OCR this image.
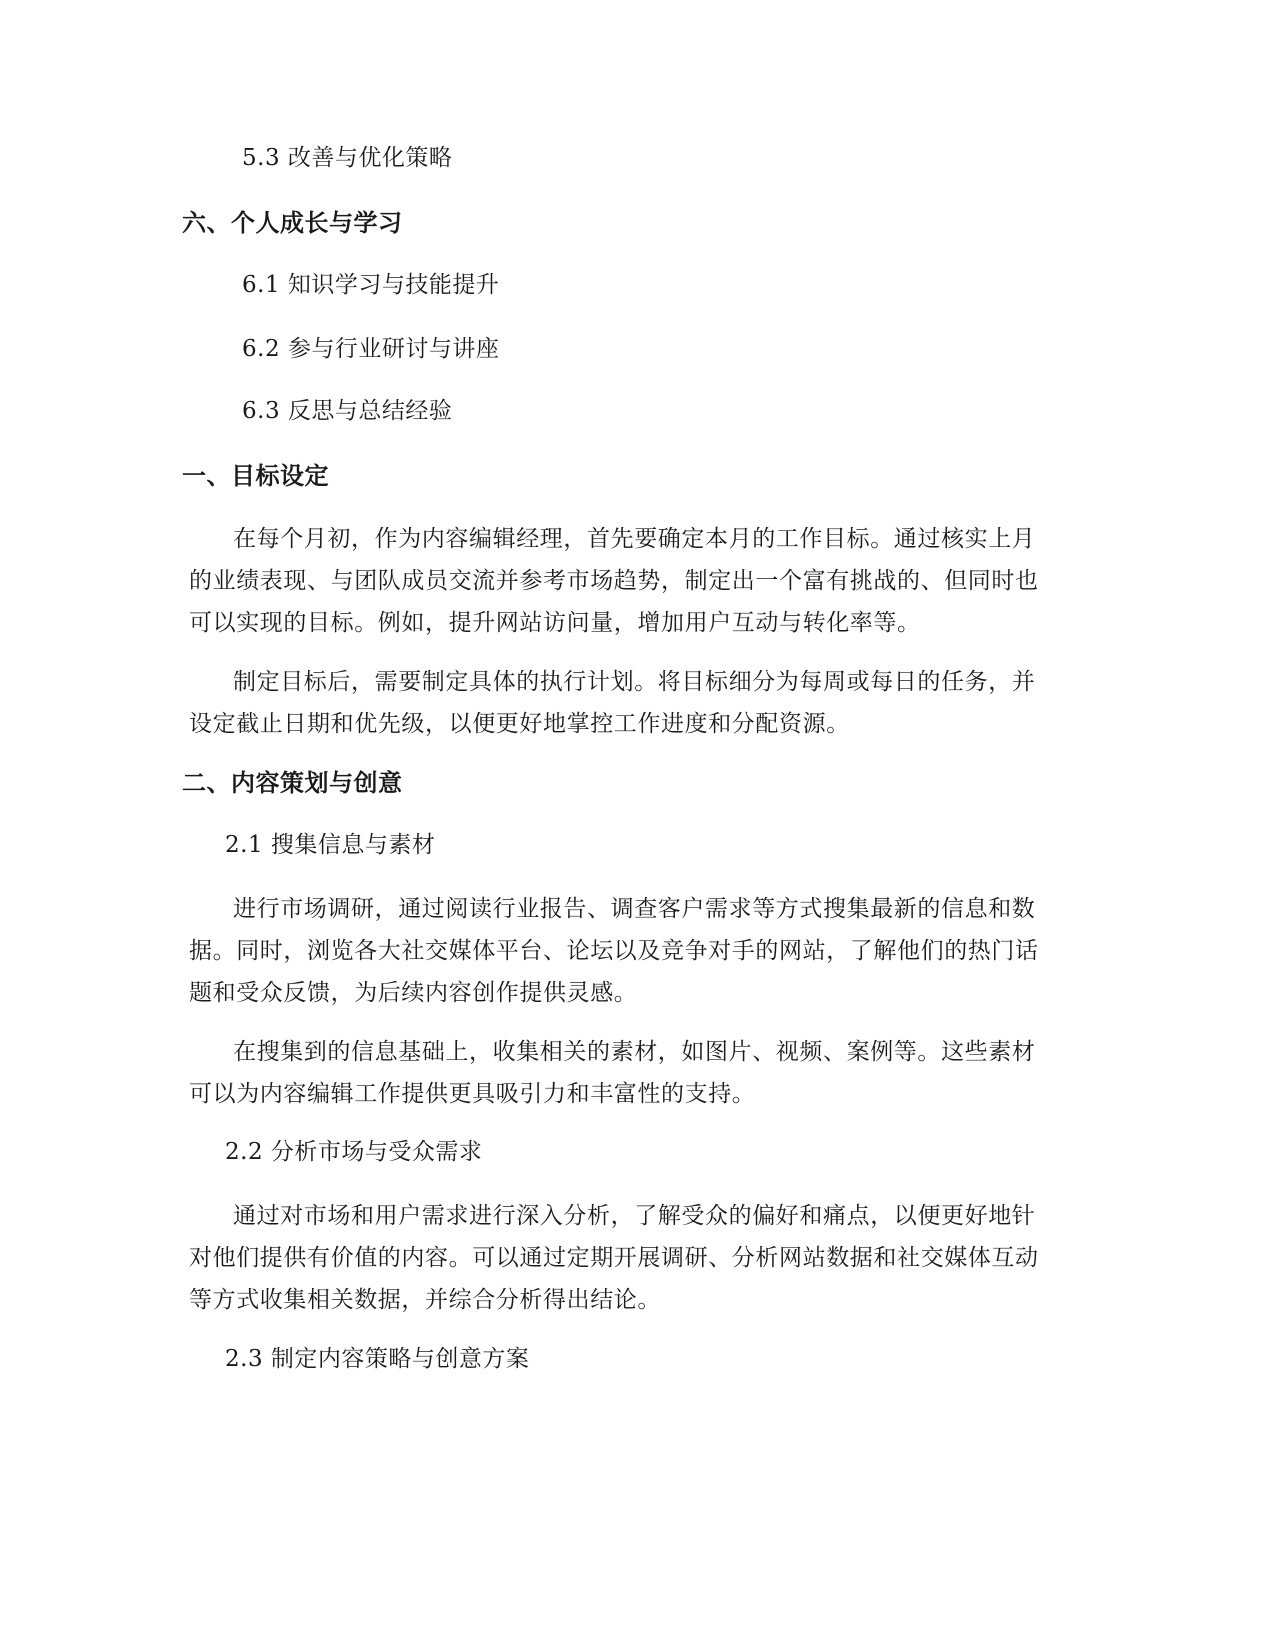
5.3 改善与优化策略

六、个人成长与学习

6.1 知识学习与技能提升

6.2 参与行业研讨与讲座

6.3 反思与总结经验

一、目标设定
在每个月初，作为内容编辑经理，首先要确定本月的工作目标。通过核实上月
的业绩表现、与团队成员交流并参考市场趋势，制定出一个富有挑战的、但同时也
可以实现的目标。例如，提升网站访问量，增加用户互动与转化率等。
制定目标后，需要制定具体的执行计划。将目标细分为每周或每日的任务，并
设定截止日期和优先级，以便更好地掌控工作进度和分配资源。
二、内容策划与创意

2.1 搜集信息与素材

进行市场调研，通过阅读行业报告、调查客户需求等方式搜集最新的信息和数
据。同时，浏览各大社交媒体平台、论坛以及竞争对手的网站，了解他们的热门话
题和受众反馈，为后续内容创作提供灵感。
在搜集到的信息基础上，收集相关的素材，如图片、视频、案例等。这些素材
可以为内容编辑工作提供更具吸引力和丰富性的支持。

2.2 分析市场与受众需求

通过对市场和用户需求进行深入分析，了解受众的偏好和痛点，以便更好地针
对他们提供有价值的内容。可以通过定期开展调研、分析网站数据和社交媒体互动
等方式收集相关数据，并综合分析得出结论。

2.3 制定内容策略与创意方案
